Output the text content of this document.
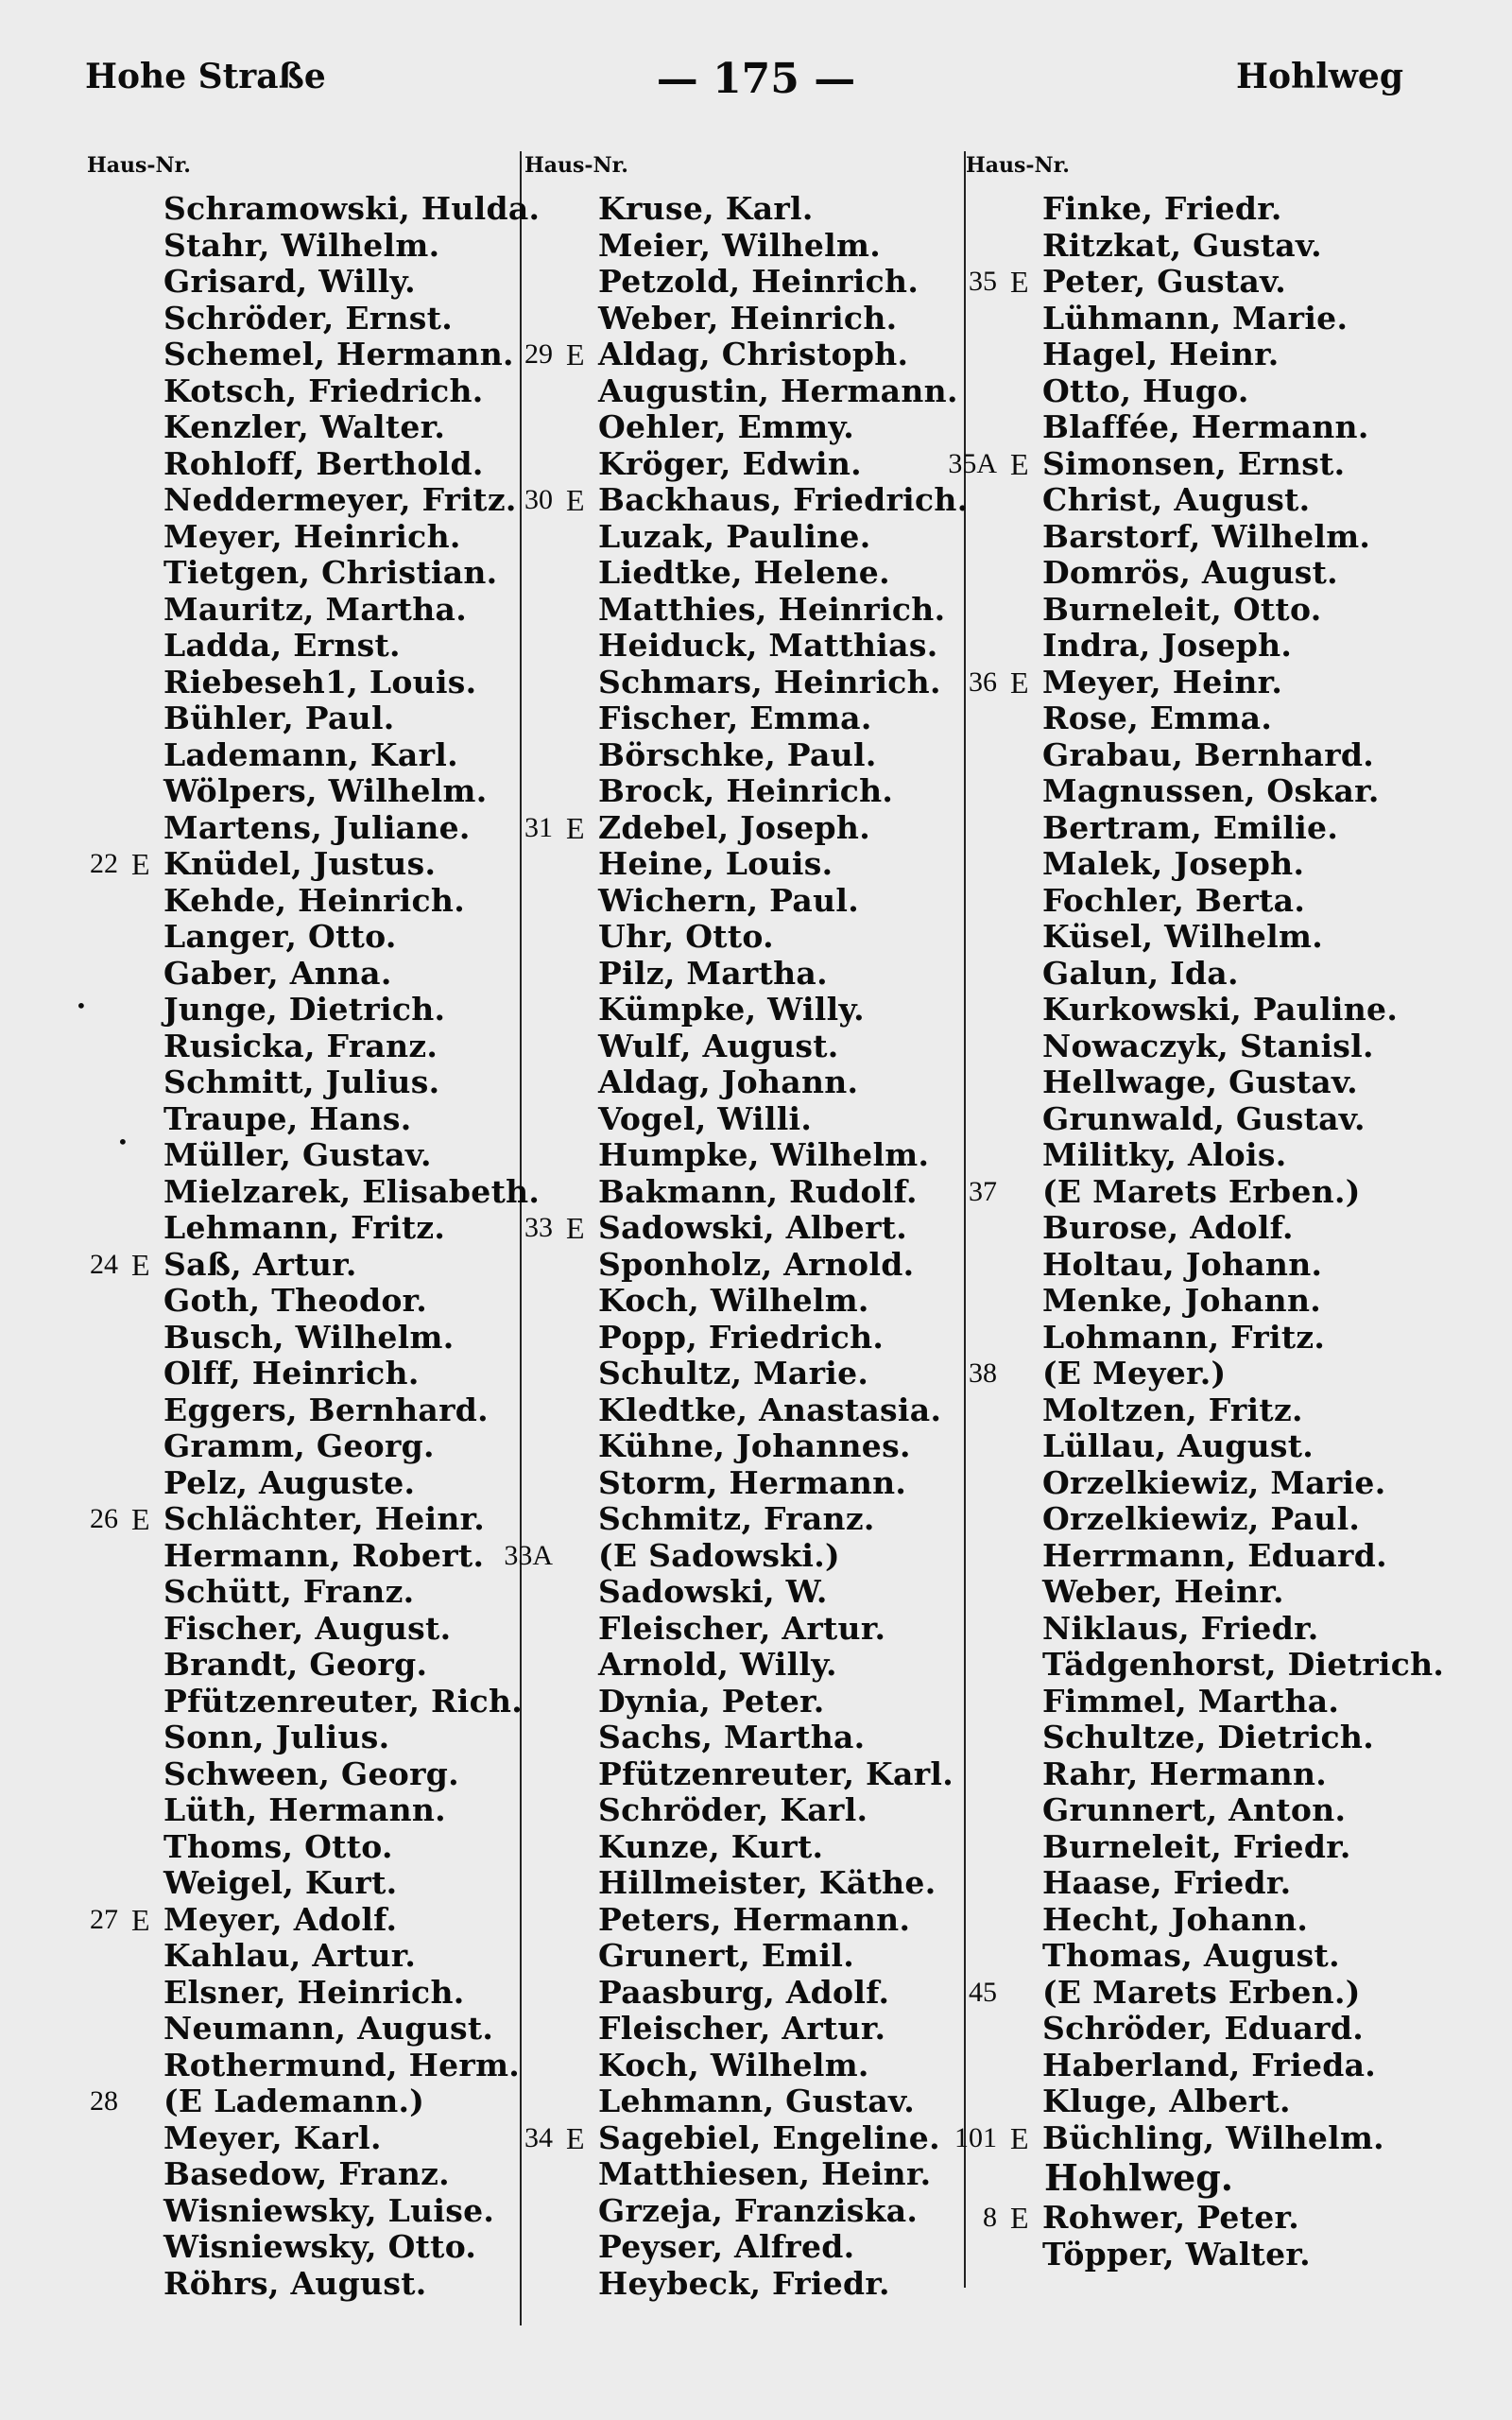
Hohe Straße	— 175 —	Hohlweg
Haus-Nr.	Haus-Nr.	Haus-Nr.
•
•
Schramowski, Hulda.
Stahr, Wilhelm.
Grisard, Willy.
Schröder, Ernst.
Schemel, Hermann.
Kotsch, Friedrich.
Kenzler, Walter.
Rohloff, Berthold.
Neddermeyer, Fritz.
Meyer, Heinrich.
Tietgen, Christian.
Mauritz, Martha.
Ladda, Ernst.
Riebeseh1, Louis.
Bühler, Paul.
Lademann, Karl.
Wölpers, Wilhelm.
Martens, Juliane.
22 E Knüdel, Justus.
Kehde, Heinrich.
Langer, Otto.
Gaber, Anna.
Junge, Dietrich.
Rusicka, Franz.
Schmitt, Julius.
Traupe, Hans.
Müller, Gustav.
Mielzarek, Elisabeth.
Lehmann, Fritz.
24 E Saß, Artur.
Goth, Theodor.
Busch, Wilhelm.
Olff, Heinrich.
Eggers, Bernhard.
Gramm, Georg.
Pelz, Auguste.
26 E Schlächter, Heinr.
Hermann, Robert.
Schütt, Franz.
Fischer, August.
Brandt, Georg.
Pfützenreuter, Rich.
Sonn, Julius.
Schween, Georg.
Lüth, Hermann.
Thoms, Otto.
Weigel, Kurt.
27 E Meyer, Adolf.
Kahlau, Artur.
Elsner, Heinrich.
Neumann, August.
Rothermund, Herm.
28	(E Lademann.)
Meyer, Karl.
Basedow, Franz.
Wisniewsky, Luise.
Wisniewsky, Otto.
Röhrs, August.
Kruse, Karl.
Meier, Wilhelm.
Petzold, Heinrich.
Weber, Heinrich.
29 E Aldag, Christoph.
Augustin, Hermann.
Oehler, Emmy.
Kröger, Edwin.
30 E Backhaus, Friedrich.
Luzak, Pauline.
Liedtke, Helene.
Matthies, Heinrich.
Heiduck, Matthias.
Schmars, Heinrich.
Fischer, Emma.
Börschke, Paul.
Brock, Heinrich.
31 E Zdebel, Joseph.
Heine, Louis.
Wichern, Paul.
Uhr, Otto.
Pilz, Martha.
Kümpke, Willy.
Wulf, August.
Aldag, Johann.
Vogel, Willi.
Humpke, Wilhelm.
Bakmann, Rudolf.
33 E Sadowski, Albert.
Sponholz, Arnold.
Koch, Wilhelm.
Popp, Friedrich.
Schultz, Marie.
Kledtke, Anastasia.
Kühne, Johannes.
Storm, Hermann.
Schmitz, Franz.
33A	(E Sadowski.)
Sadowski, W.
Fleischer, Artur.
Arnold, Willy.
Dynia, Peter.
Sachs, Martha.
Pfützenreuter, Karl.
Schröder, Karl.
Kunze, Kurt.
Hillmeister, Käthe.
Peters, Hermann.
Grunert, Emil.
Paasburg, Adolf.
Fleischer, Artur.
Koch, Wilhelm.
Lehmann, Gustav.
34 E Sagebiel, Engeline.
Matthiesen, Heinr.
Grzeja, Franziska.
Peyser, Alfred.
Heybeck, Friedr.
Finke, Friedr.
Ritzkat, Gustav.
35 E Peter, Gustav.
Lühmann, Marie.
Hagel, Heinr.
Otto, Hugo.
Blaffée, Hermann.
35A E Simonsen, Ernst.
Christ, August.
Barstorf, Wilhelm.
Domrös, August.
Burneleit, Otto.
Indra, Joseph.
36 E Meyer, Heinr.
Rose, Emma.
Grabau, Bernhard.
Magnussen, Oskar.
Bertram, Emilie.
Malek, Joseph.
Fochler, Berta.
Küsel, Wilhelm.
Galun, Ida.
Kurkowski, Pauline.
Nowaczyk, Stanisl.
Hellwage, Gustav.
Grunwald, Gustav.
Militky, Alois.
37	(E Marets Erben.)
Burose, Adolf.
Holtau, Johann.
Menke, Johann.
Lohmann, Fritz.
38	(E Meyer.)
Moltzen, Fritz.
Lüllau, August.
Orzelkiewiz, Marie.
Orzelkiewiz, Paul.
Herrmann, Eduard.
Weber, Heinr.
Niklaus, Friedr.
Tädgenhorst, Dietrich.
Fimmel, Martha.
Schultze, Dietrich.
Rahr, Hermann.
Grunnert, Anton.
Burneleit, Friedr.
Haase, Friedr.
Hecht, Johann.
Thomas, August.
45	(E Marets Erben.)
Schröder, Eduard.
Haberland, Frieda.
Kluge, Albert.
101 E Büchling, Wilhelm.
Hohlweg.
8 E Rohwer, Peter.
Töpper, Walter.
